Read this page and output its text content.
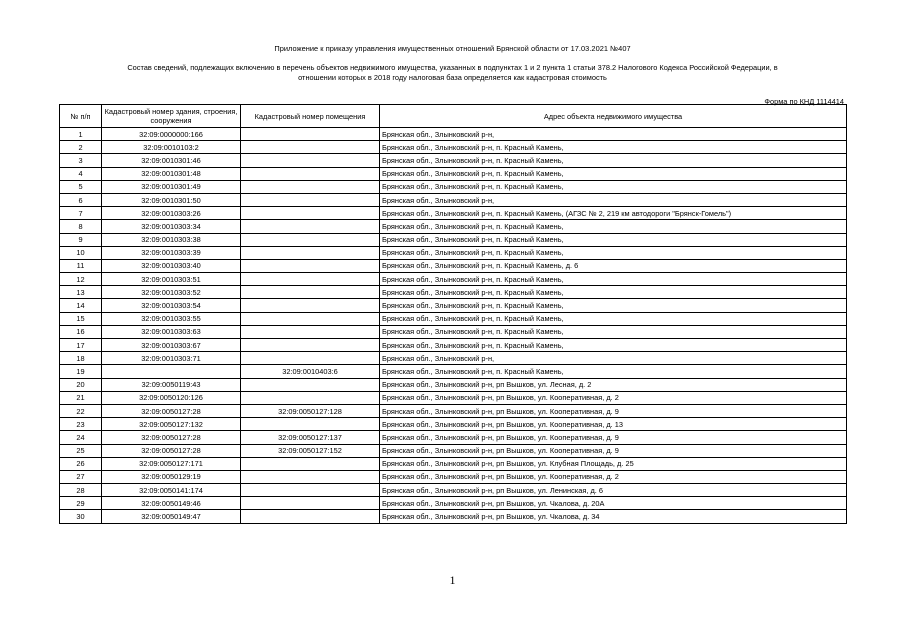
Приложение к приказу управления имущественных отношений Брянской области от 17.03.2021 №407
Состав сведений, подлежащих включению в перечень объектов недвижимого имущества, указанных в подпунктах 1 и 2 пункта 1 статьи 378.2 Налогового Кодекса Российской Федерации, в
отношении которых в 2018 году налоговая база определяется как кадастровая стоимость
Форма по КНД 1114414
№ п/п	Кадастровый номер здания, строения, сооружения	Кадастровый номер помещения	Адрес объекта недвижимого имущества
1	32:09:0000000:166		Брянская обл., Злынковский р-н,
2	32:09:0010103:2		Брянская обл., Злынковский р-н, п. Красный Камень,
3	32:09:0010301:46		Брянская обл., Злынковский р-н, п. Красный Камень,
4	32:09:0010301:48		Брянская обл., Злынковский р-н, п. Красный Камень,
5	32:09:0010301:49		Брянская обл., Злынковский р-н, п. Красный Камень,
6	32:09:0010301:50		Брянская обл., Злынковский р-н,
7	32:09:0010303:26		Брянская обл., Злынковский р-н, п. Красный Камень, (АГЗС № 2, 219 км автодороги "Брянск-Гомель")
8	32:09:0010303:34		Брянская обл., Злынковский р-н, п. Красный Камень,
9	32:09:0010303:38		Брянская обл., Злынковский р-н, п. Красный Камень,
10	32:09:0010303:39		Брянская обл., Злынковский р-н, п. Красный Камень,
11	32:09:0010303:40		Брянская обл., Злынковский р-н, п. Красный Камень, д. 6
12	32:09:0010303:51		Брянская обл., Злынковский р-н, п. Красный Камень,
13	32:09:0010303:52		Брянская обл., Злынковский р-н, п. Красный Камень,
14	32:09:0010303:54		Брянская обл., Злынковский р-н, п. Красный Камень,
15	32:09:0010303:55		Брянская обл., Злынковский р-н, п. Красный Камень,
16	32:09:0010303:63		Брянская обл., Злынковский р-н, п. Красный Камень,
17	32:09:0010303:67		Брянская обл., Злынковский р-н, п. Красный Камень,
18	32:09:0010303:71		Брянская обл., Злынковский р-н,
19		32:09:0010403:6	Брянская обл., Злынковский р-н, п. Красный Камень,
20	32:09:0050119:43		Брянская обл., Злынковский р-н, рп Вышков, ул. Лесная, д. 2
21	32:09:0050120:126		Брянская обл., Злынковский р-н, рп Вышков, ул. Кооперативная, д. 2
22	32:09:0050127:28	32:09:0050127:128	Брянская обл., Злынковский р-н, рп Вышков, ул. Кооперативная, д. 9
23	32:09:0050127:132		Брянская обл., Злынковский р-н, рп Вышков, ул. Кооперативная, д. 13
24	32:09:0050127:28	32:09:0050127:137	Брянская обл., Злынковский р-н, рп Вышков, ул. Кооперативная, д. 9
25	32:09:0050127:28	32:09:0050127:152	Брянская обл., Злынковский р-н, рп Вышков, ул. Кооперативная, д. 9
26	32:09:0050127:171		Брянская обл., Злынковский р-н, рп Вышков, ул. Клубная Площадь, д. 25
27	32:09:0050129:19		Брянская обл., Злынковский р-н, рп Вышков, ул. Кооперативная, д. 2
28	32:09:0050141:174		Брянская обл., Злынковский р-н, рп Вышков, ул. Ленинская, д. 6
29	32:09:0050149:46		Брянская обл., Злынковский р-н, рп Вышков, ул. Чкалова, д. 20А
30	32:09:0050149:47		Брянская обл., Злынковский р-н, рп Вышков, ул. Чкалова, д. 34
1
